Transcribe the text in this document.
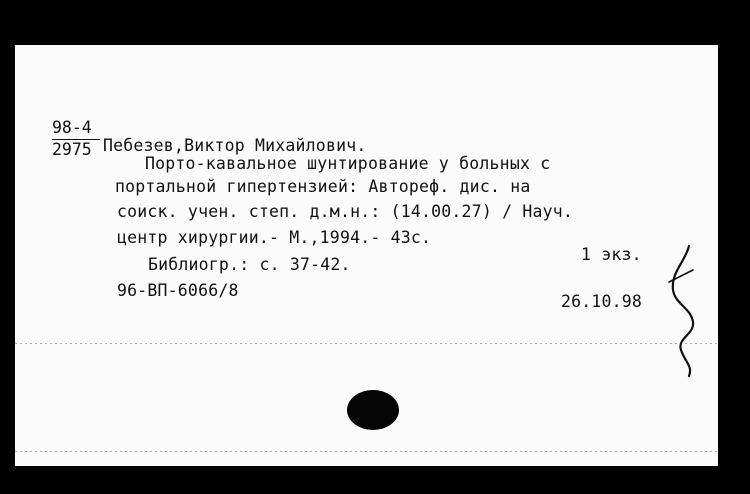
98-4
2975 Пебезев,Виктор Михайлович.
Порто-кавальное шунтирование у больных с
портальной гипертензией: Автореф. дис. на
соиск. учен. степ. д.м.н.: (14.00.27) / Науч.
центр хирургии.- М.,1994.- 43с.
Библиогр.: с. 37-42.
1 экз.
96-ВП-6066/8
26.10.98
